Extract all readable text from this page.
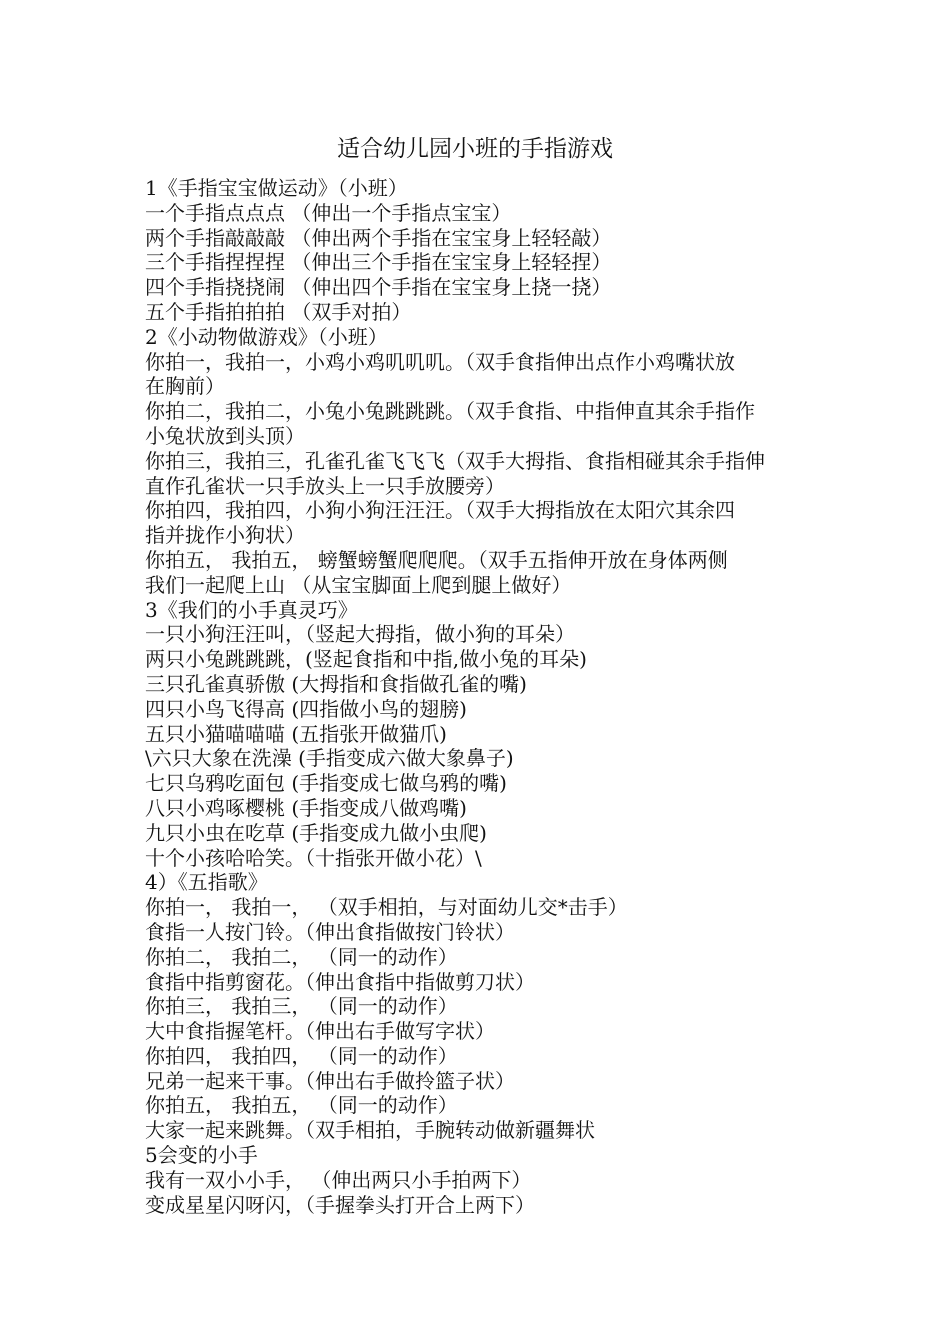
适合幼儿园小班的手指游戏
1《手指宝宝做运动》（小班）
一个手指点点点 （伸出一个手指点宝宝）
两个手指敲敲敲 （伸出两个手指在宝宝身上轻轻敲）
三个手指捏捏捏 （伸出三个手指在宝宝身上轻轻捏）
四个手指挠挠闹 （伸出四个手指在宝宝身上挠一挠）
五个手指拍拍拍 （双手对拍）
2《小动物做游戏》（小班）
你拍一，我拍一，小鸡小鸡叽叽叽。（双手食指伸出点作小鸡嘴状放
在胸前）
你拍二，我拍二，小兔小兔跳跳跳。（双手食指、中指伸直其余手指作
小兔状放到头顶）
你拍三，我拍三，孔雀孔雀飞飞飞（双手大拇指、食指相碰其余手指伸
直作孔雀状一只手放头上一只手放腰旁）
你拍四，我拍四，小狗小狗汪汪汪。（双手大拇指放在太阳穴其余四
指并拢作小狗状）
你拍五， 我拍五， 螃蟹螃蟹爬爬爬。（双手五指伸开放在身体两侧
我们一起爬上山 （从宝宝脚面上爬到腿上做好）
3《我们的小手真灵巧》
一只小狗汪汪叫，（竖起大拇指，做小狗的耳朵）
两只小兔跳跳跳，(竖起食指和中指,做小兔的耳朵)
三只孔雀真骄傲 (大拇指和食指做孔雀的嘴)
四只小鸟飞得高 (四指做小鸟的翅膀)
五只小猫喵喵喵 (五指张开做猫爪)
\六只大象在洗澡 (手指变成六做大象鼻子)
七只乌鸦吃面包 (手指变成七做乌鸦的嘴)
八只小鸡啄樱桃 (手指变成八做鸡嘴)
九只小虫在吃草 (手指变成九做小虫爬)
十个小孩哈哈笑。（十指张开做小花）\
4）《五指歌》
你拍一， 我拍一， （双手相拍，与对面幼儿交*击手）
食指一人按门铃。（伸出食指做按门铃状）
你拍二， 我拍二， （同一的动作）
食指中指剪窗花。（伸出食指中指做剪刀状）
你拍三， 我拍三， （同一的动作）
大中食指握笔杆。（伸出右手做写字状）
你拍四， 我拍四， （同一的动作）
兄弟一起来干事。（伸出右手做拎篮子状）
你拍五， 我拍五， （同一的动作）
大家一起来跳舞。（双手相拍，手腕转动做新疆舞状
5会变的小手
我有一双小小手， （伸出两只小手拍两下）
变成星星闪呀闪，（手握拳头打开合上两下）
